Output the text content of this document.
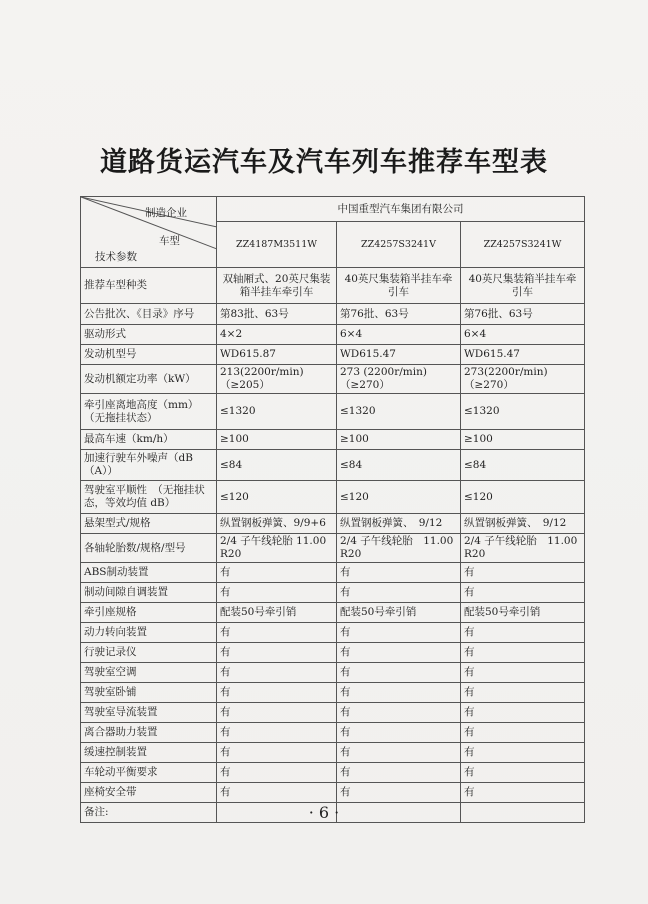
道路货运汽车及汽车列车推荐车型表
制造企业
车型
技术参数	中国重型汽车集团有限公司		
	ZZ4187M3511W	ZZ4257S3241V	ZZ4257S3241W
推荐车型种类	双轴厢式、20英尺集装箱半挂车牵引车	40英尺集装箱半挂车牵引车	40英尺集装箱半挂车牵引车
公告批次、《目录》序号	第83批、63号	第76批、63号	第76批、63号
驱动形式	4×2	6×4	6×4
发动机型号	WD615.87	WD615.47	WD615.47
发动机额定功率（kW）	213(2200r/min)（≥205）	273 (2200r/min)（≥270）	273(2200r/min)（≥270）
牵引座离地高度（mm）（无拖挂状态）	≤1320	≤1320	≤1320
最高车速（km/h）	≥100	≥100	≥100
加速行驶车外噪声（dB（A））	≤84	≤84	≤84
驾驶室平顺性　（无拖挂状态，等效均值 dB）	≤120	≤120	≤120
悬架型式/规格	纵置钢板弹簧、9/9+6	纵置钢板弹簧、　9/12	纵置钢板弹簧、　9/12
各轴轮胎数/规格/型号	2/4 子午线轮胎 11.00 R20	2/4 子午线轮胎　11.00 R20	2/4 子午线轮胎　11.00 R20
ABS制动装置	有	有	有
制动间隙自调装置	有	有	有
牵引座规格	配装50号牵引销	配装50号牵引销	配装50号牵引销
动力转向装置	有	有	有
行驶记录仪	有	有	有
驾驶室空调	有	有	有
驾驶室卧铺	有	有	有
驾驶室导流装置	有	有	有
离合器助力装置	有	有	有
缓速控制装置	有	有	有
车轮动平衡要求	有	有	有
座椅安全带	有	有	有
备注:				· 6 ·
